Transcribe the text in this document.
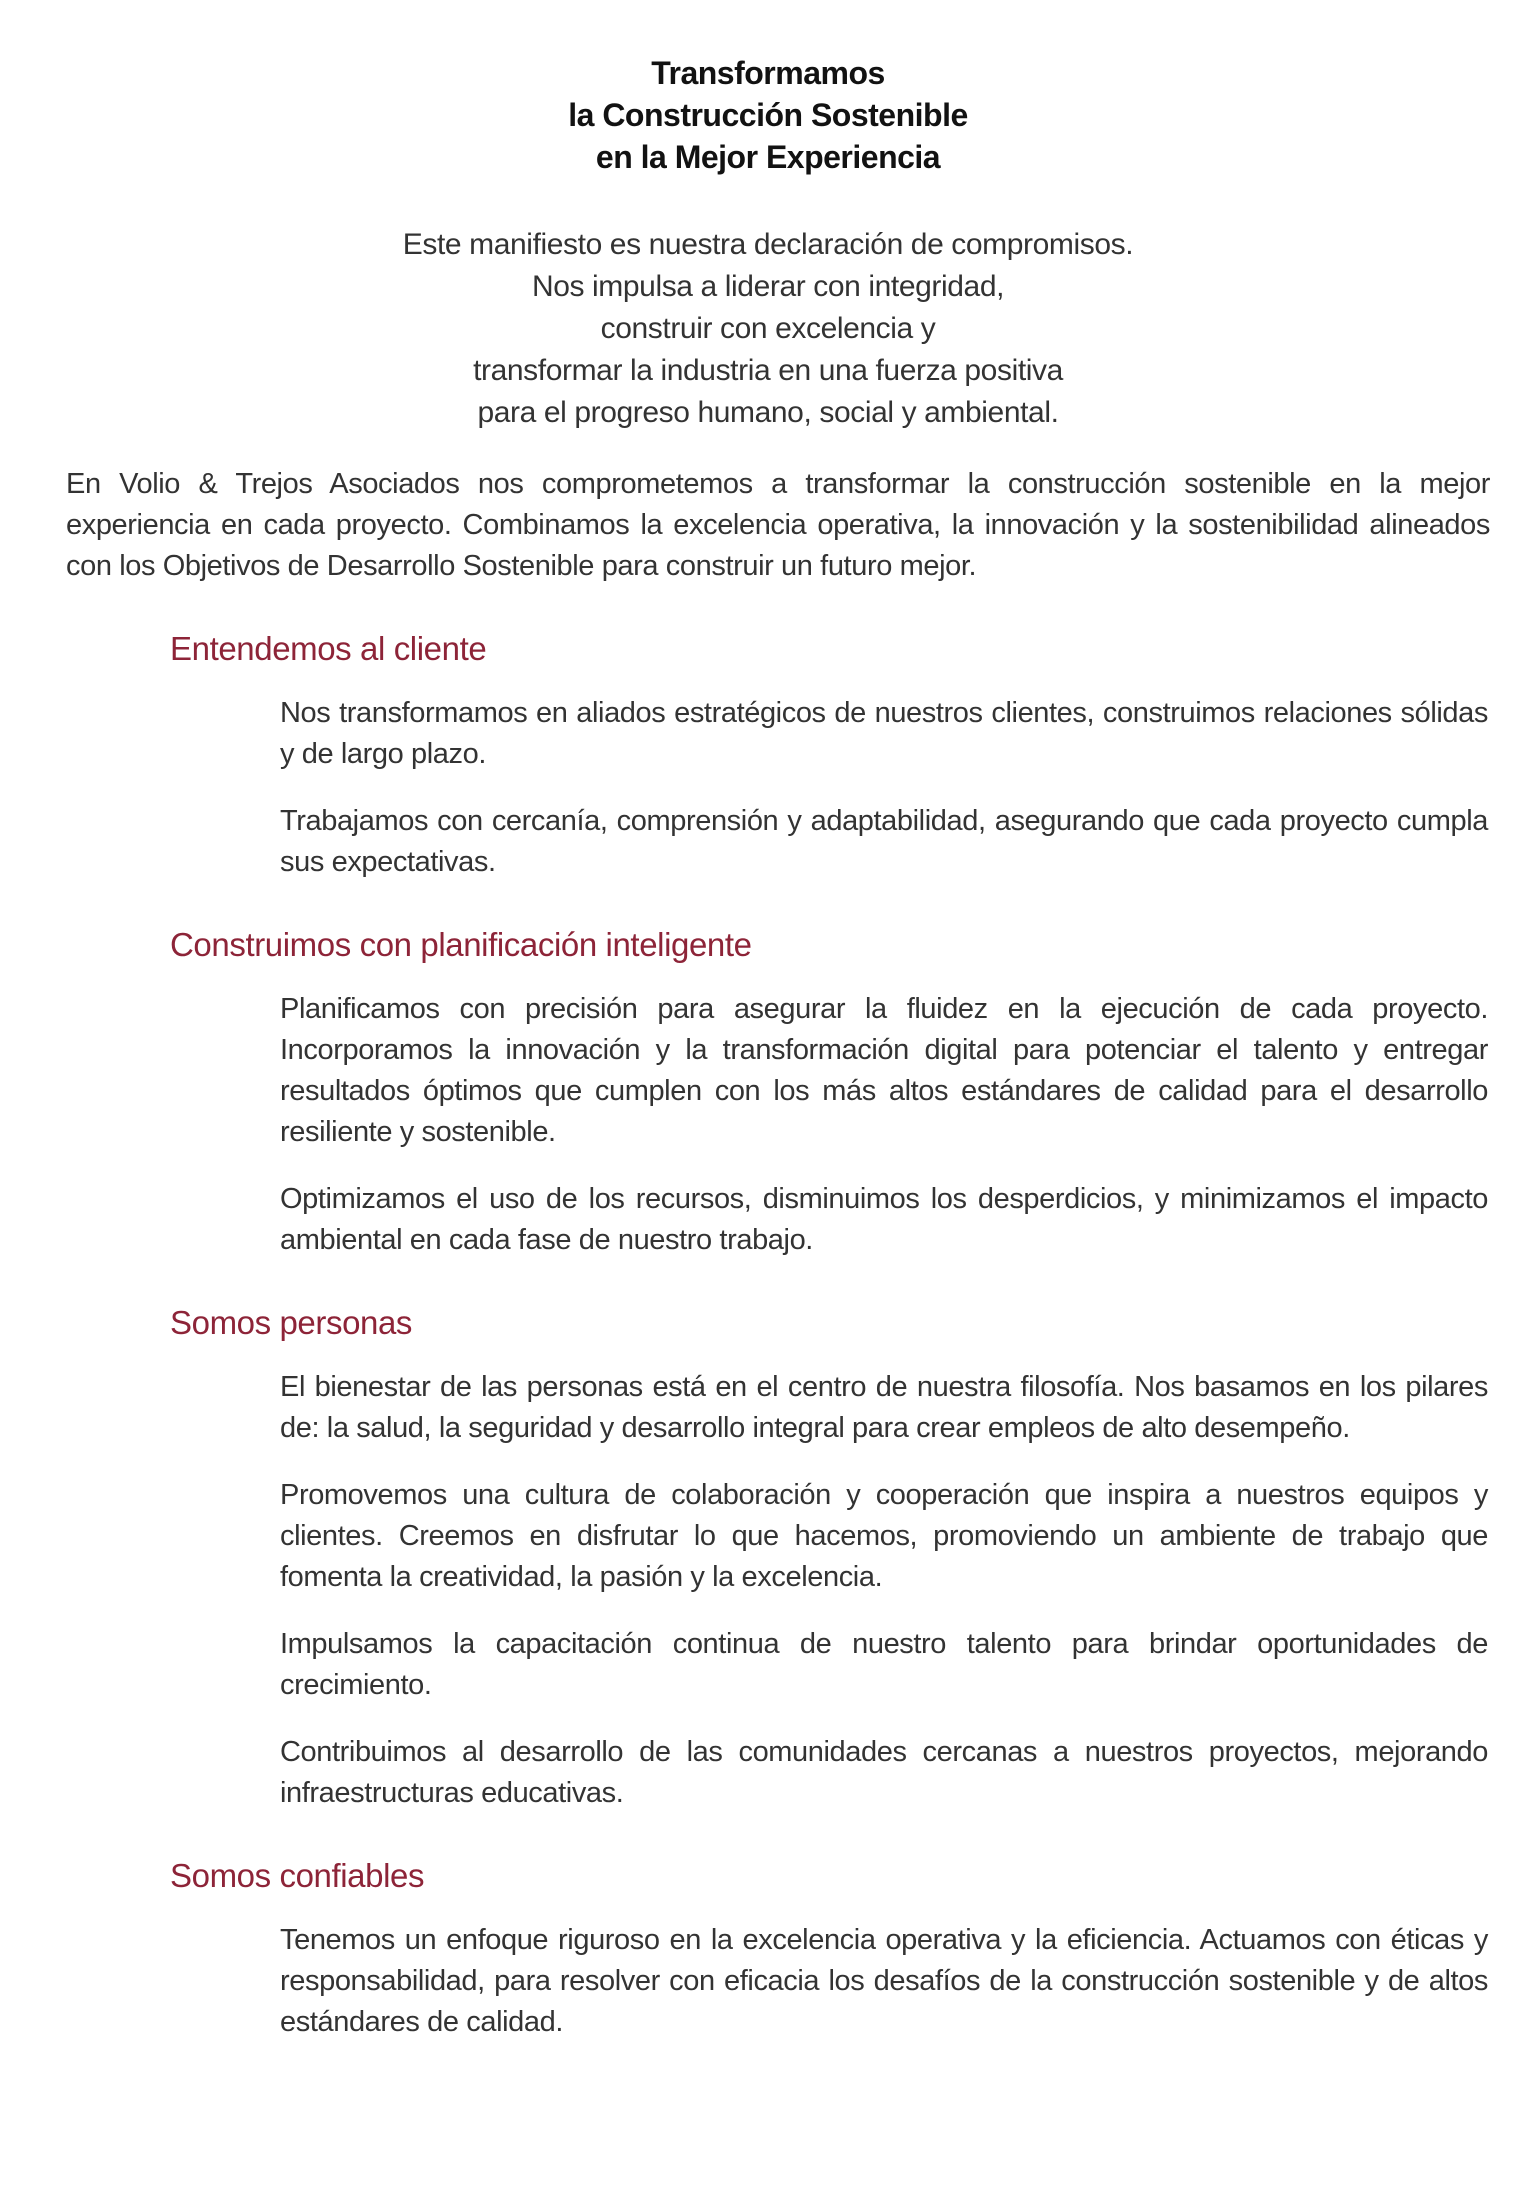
Transformamos
la Construcción Sostenible
en la Mejor Experiencia
Este manifiesto es nuestra declaración de compromisos.
Nos impulsa a liderar con integridad,
construir con excelencia y
transformar la industria en una fuerza positiva
para el progreso humano, social y ambiental.

En Volio & Trejos Asociados nos comprometemos a transformar la construcción sostenible en la mejor experiencia en cada proyecto. Combinamos la excelencia operativa, la innovación y la sostenibilidad alineados con los Objetivos de Desarrollo Sostenible para construir un futuro mejor.

Entendemos al cliente

Nos transformamos en aliados estratégicos de nuestros clientes, construimos relaciones sólidas y de largo plazo.

Trabajamos con cercanía, comprensión y adaptabilidad, asegurando que cada proyecto cumpla sus expectativas.

Construimos con planificación inteligente

Planificamos con precisión para asegurar la fluidez en la ejecución de cada proyecto. Incorporamos la innovación y la transformación digital para potenciar el talento y entregar resultados óptimos que cumplen con los más altos estándares de calidad para el desarrollo resiliente y sostenible.

Optimizamos el uso de los recursos, disminuimos los desperdicios, y minimizamos el impacto ambiental en cada fase de nuestro trabajo.

Somos personas

El bienestar de las personas está en el centro de nuestra filosofía. Nos basamos en los pilares de: la salud, la seguridad y desarrollo integral para crear empleos de alto desempeño.

Promovemos una cultura de colaboración y cooperación que inspira a nuestros equipos y clientes. Creemos en disfrutar lo que hacemos, promoviendo un ambiente de trabajo que fomenta la creatividad, la pasión y la excelencia.

Impulsamos la capacitación continua de nuestro talento para brindar oportunidades de crecimiento.

Contribuimos al desarrollo de las comunidades cercanas a nuestros proyectos, mejorando infraestructuras educativas.

Somos confiables

Tenemos un enfoque riguroso en la excelencia operativa y la eficiencia. Actuamos con éticas y responsabilidad, para resolver con eficacia los desafíos de la construcción sostenible y de altos estándares de calidad.
